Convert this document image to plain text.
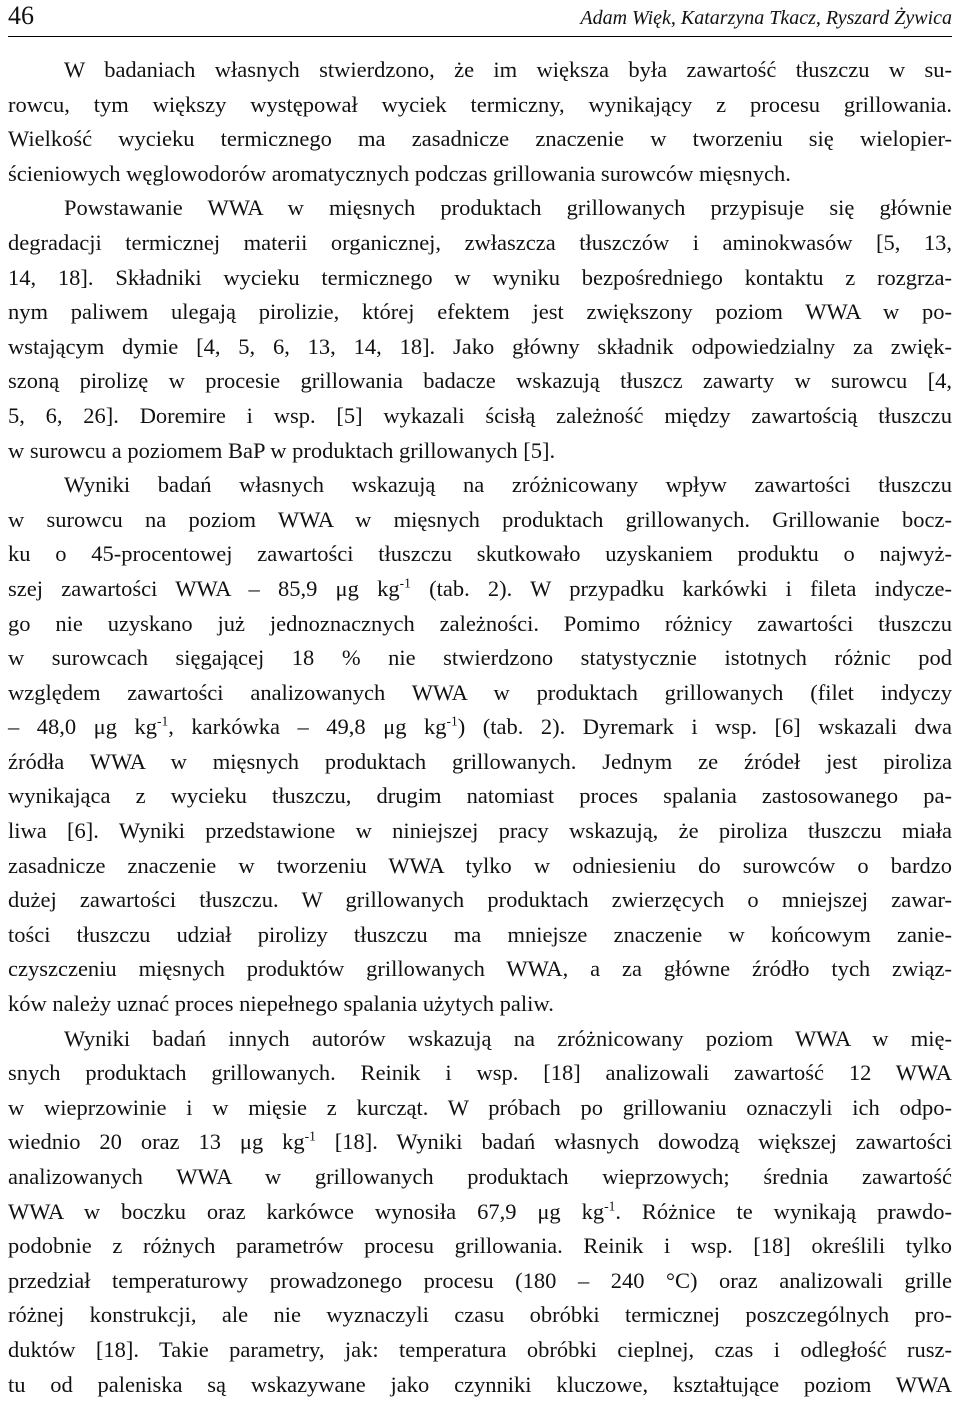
46	Adam Więk, Katarzyna Tkacz, Ryszard Żywica
W badaniach własnych stwierdzono, że im większa była zawartość tłuszczu w su-
rowcu, tym większy występował wyciek termiczny, wynikający z procesu grillowania.
Wielkość wycieku termicznego ma zasadnicze znaczenie w tworzeniu się wielopier-
ścieniowych węglowodorów aromatycznych podczas grillowania surowców mięsnych.
Powstawanie WWA w mięsnych produktach grillowanych przypisuje się głównie
degradacji termicznej materii organicznej, zwłaszcza tłuszczów i aminokwasów [5, 13,
14, 18]. Składniki wycieku termicznego w wyniku bezpośredniego kontaktu z rozgrza-
nym paliwem ulegają pirolizie, której efektem jest zwiększony poziom WWA w po-
wstającym dymie [4, 5, 6, 13, 14, 18]. Jako główny składnik odpowiedzialny za zwięk-
szoną pirolizę w procesie grillowania badacze wskazują tłuszcz zawarty w surowcu [4,
5, 6, 26]. Doremire i wsp. [5] wykazali ścisłą zależność między zawartością tłuszczu
w surowcu a poziomem BaP w produktach grillowanych [5].
Wyniki badań własnych wskazują na zróżnicowany wpływ zawartości tłuszczu
w surowcu na poziom WWA w mięsnych produktach grillowanych. Grillowanie bocz-
ku o 45-procentowej zawartości tłuszczu skutkowało uzyskaniem produktu o najwyż-
szej zawartości WWA – 85,9 μg $kg^{-1}$ (tab. 2). W przypadku karkówki i fileta indycze-
go nie uzyskano już jednoznacznych zależności. Pomimo różnicy zawartości tłuszczu
w surowcach sięgającej 18 % nie stwierdzono statystycznie istotnych różnic pod
względem zawartości analizowanych WWA w produktach grillowanych (filet indyczy
– 48,0 μg $kg^{-1}$, karkówka – 49,8 μg $kg^{-1}$) (tab. 2). Dyremark i wsp. [6] wskazali dwa
źródła WWA w mięsnych produktach grillowanych. Jednym ze źródeł jest piroliza
wynikająca z wycieku tłuszczu, drugim natomiast proces spalania zastosowanego pa-
liwa [6]. Wyniki przedstawione w niniejszej pracy wskazują, że piroliza tłuszczu miała
zasadnicze znaczenie w tworzeniu WWA tylko w odniesieniu do surowców o bardzo
dużej zawartości tłuszczu. W grillowanych produktach zwierzęcych o mniejszej zawar-
tości tłuszczu udział pirolizy tłuszczu ma mniejsze znaczenie w końcowym zanie-
czyszczeniu mięsnych produktów grillowanych WWA, a za główne źródło tych związ-
ków należy uznać proces niepełnego spalania użytych paliw.
Wyniki badań innych autorów wskazują na zróżnicowany poziom WWA w mię-
snych produktach grillowanych. Reinik i wsp. [18] analizowali zawartość 12 WWA
w wieprzowinie i w mięsie z kurcząt. W próbach po grillowaniu oznaczyli ich odpo-
wiednio 20 oraz 13 μg $kg^{-1}$ [18]. Wyniki badań własnych dowodzą większej zawartości
analizowanych WWA w grillowanych produktach wieprzowych; średnia zawartość
WWA w boczku oraz karkówce wynosiła 67,9 μg $kg^{-1}$. Różnice te wynikają prawdo-
podobnie z różnych parametrów procesu grillowania. Reinik i wsp. [18] określili tylko
przedział temperaturowy prowadzonego procesu (180 – 240 °C) oraz analizowali grille
różnej konstrukcji, ale nie wyznaczyli czasu obróbki termicznej poszczególnych pro-
duktów [18]. Takie parametry, jak: temperatura obróbki cieplnej, czas i odległość rusz-
tu od paleniska są wskazywane jako czynniki kluczowe, kształtujące poziom WWA
